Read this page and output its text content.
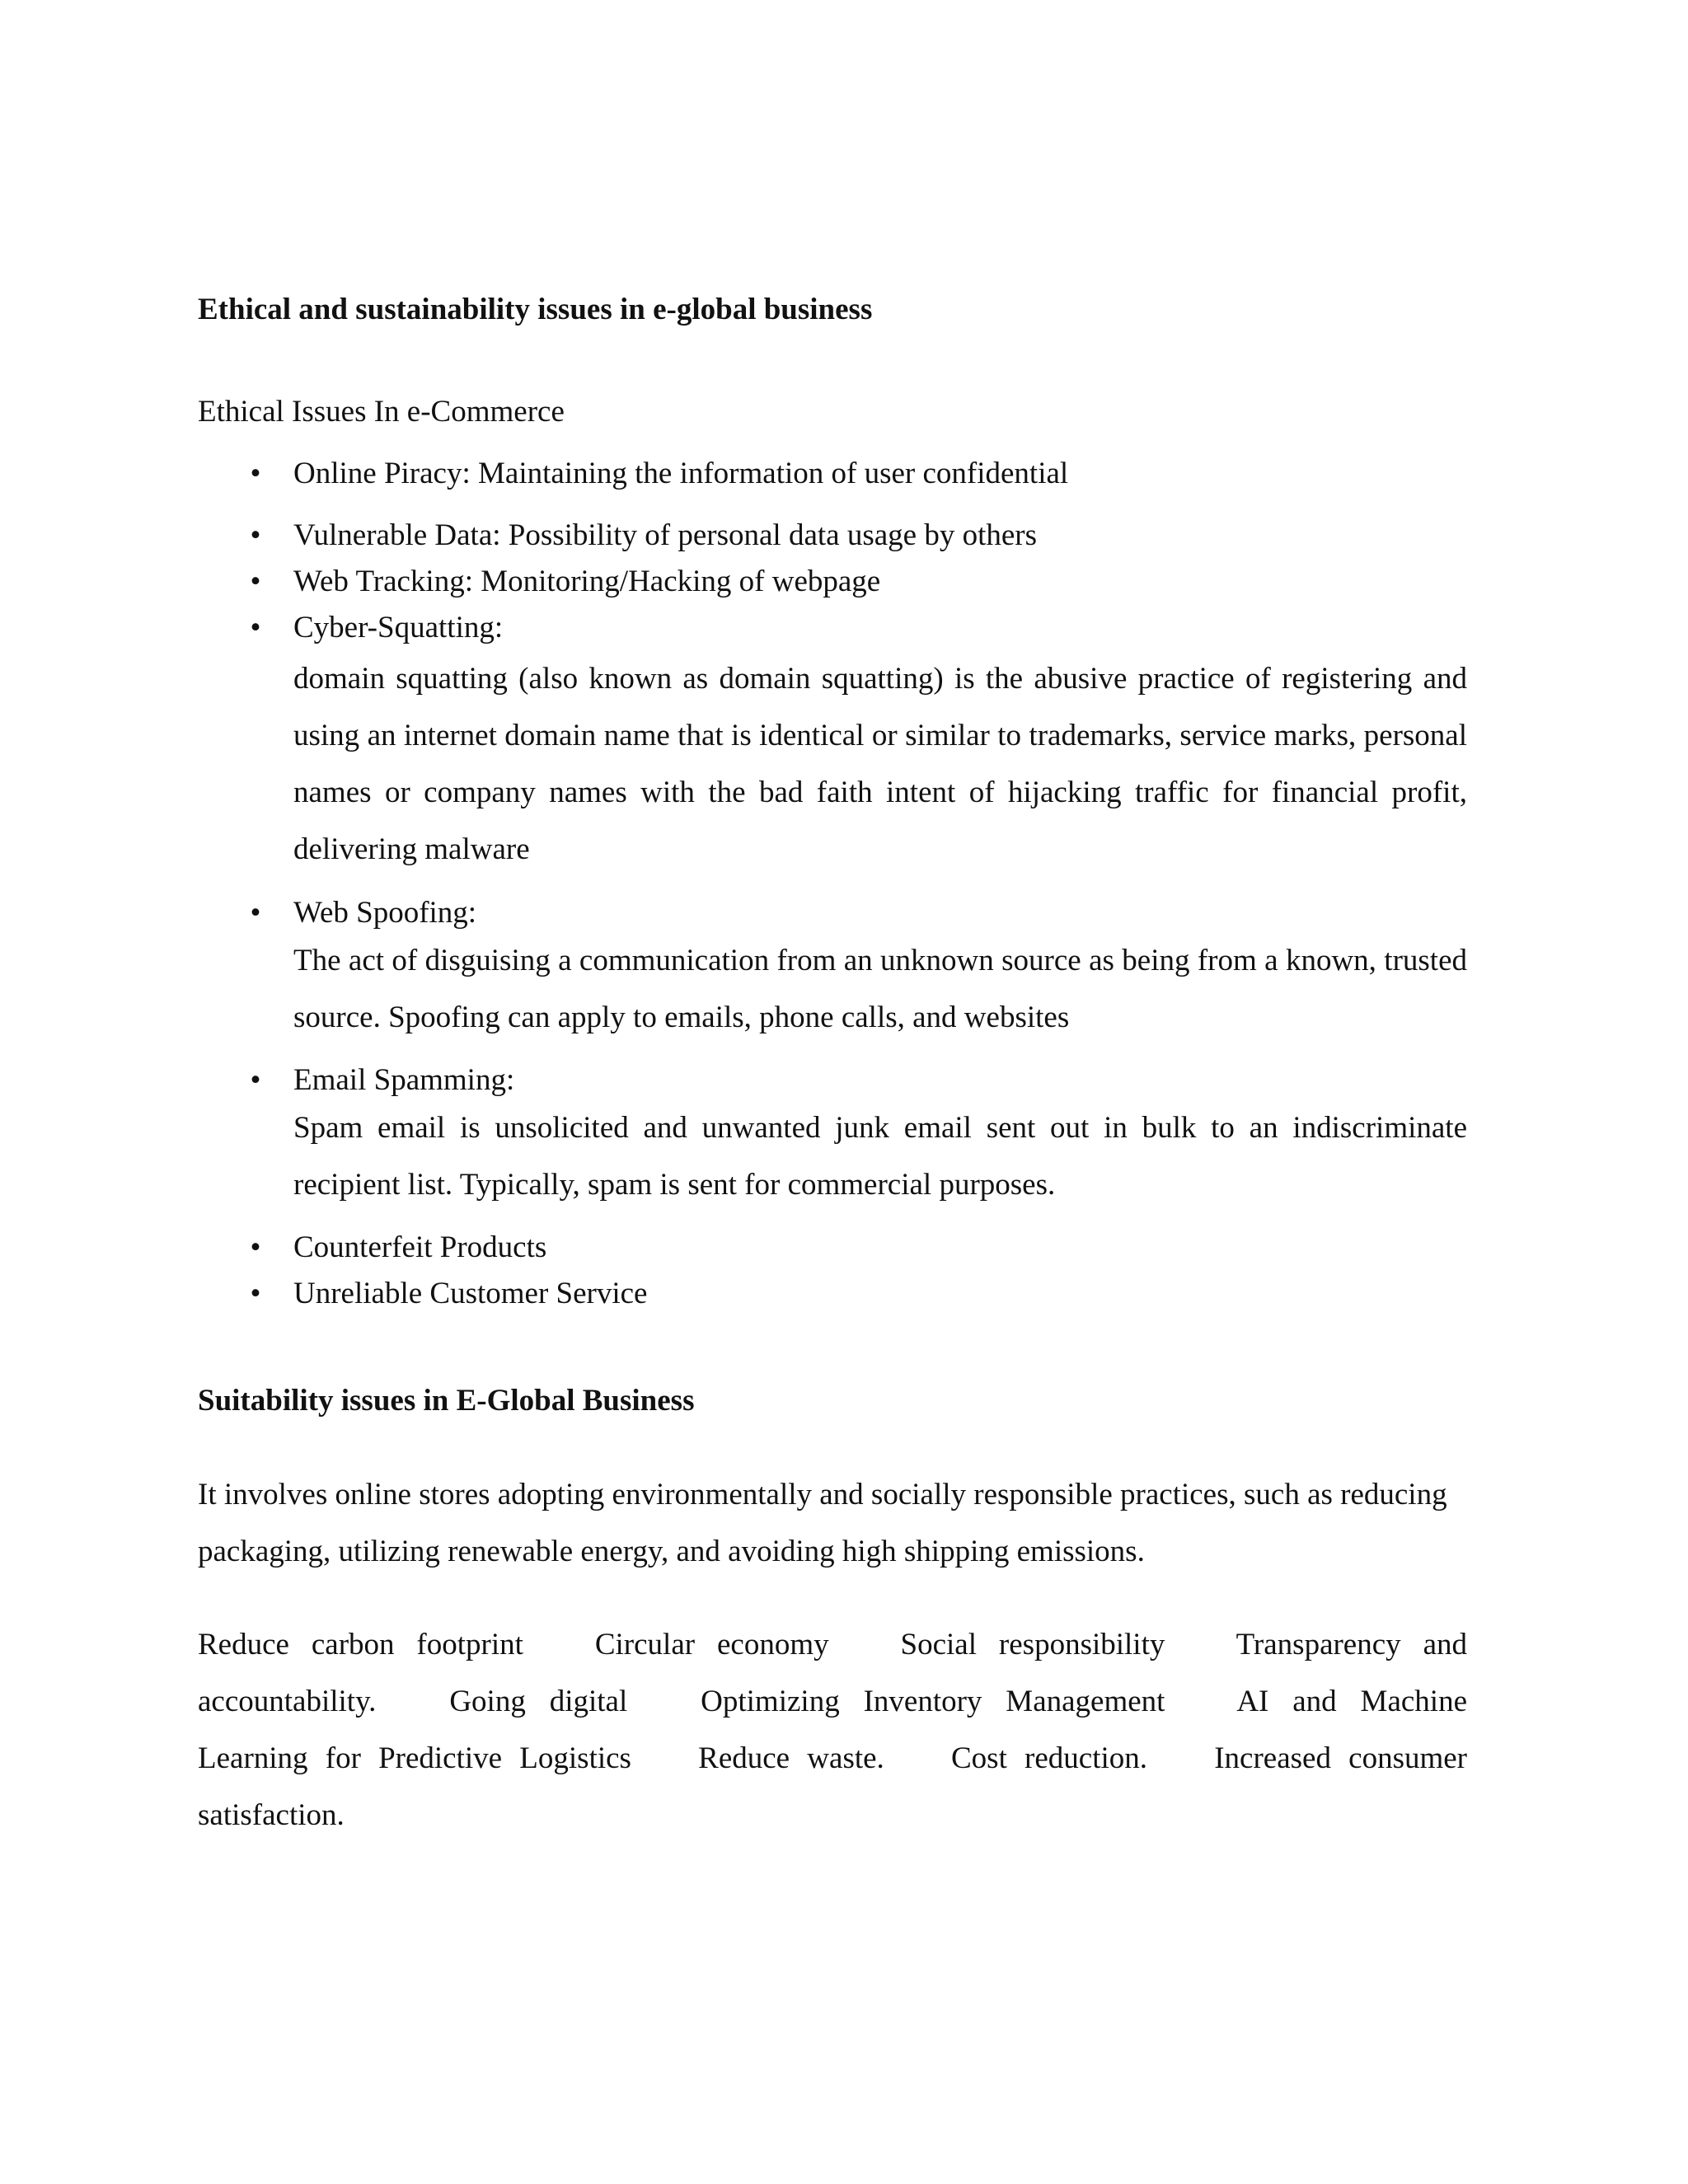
Ethical and sustainability issues in e-global business
Ethical Issues In e-Commerce
•	Online Piracy: Maintaining the information of user confidential
•	Vulnerable Data: Possibility of personal data usage by others
•	Web Tracking: Monitoring/Hacking of webpage
•	Cyber-Squatting:
domain squatting (also known as domain squatting) is the abusive practice of registering and using an internet domain name that is identical or similar to trademarks, service marks, personal names or company names with the bad faith intent of hijacking traffic for financial profit, delivering malware
•	Web Spoofing:
The act of disguising a communication from an unknown source as being from a known, trusted source. Spoofing can apply to emails, phone calls, and websites
•	Email Spamming:
Spam email is unsolicited and unwanted junk email sent out in bulk to an indiscriminate recipient list. Typically, spam is sent for commercial purposes.
•	Counterfeit Products
•	Unreliable Customer Service
Suitability issues in E-Global Business
It involves online stores adopting environmentally and socially responsible practices, such as reducing packaging, utilizing renewable energy, and avoiding high shipping emissions.
Reduce carbon footprint Circular economy Social responsibility Transparency and accountability. Going digital Optimizing Inventory Management AI and Machine Learning for Predictive Logistics Reduce waste. Cost reduction. Increased consumer satisfaction.
